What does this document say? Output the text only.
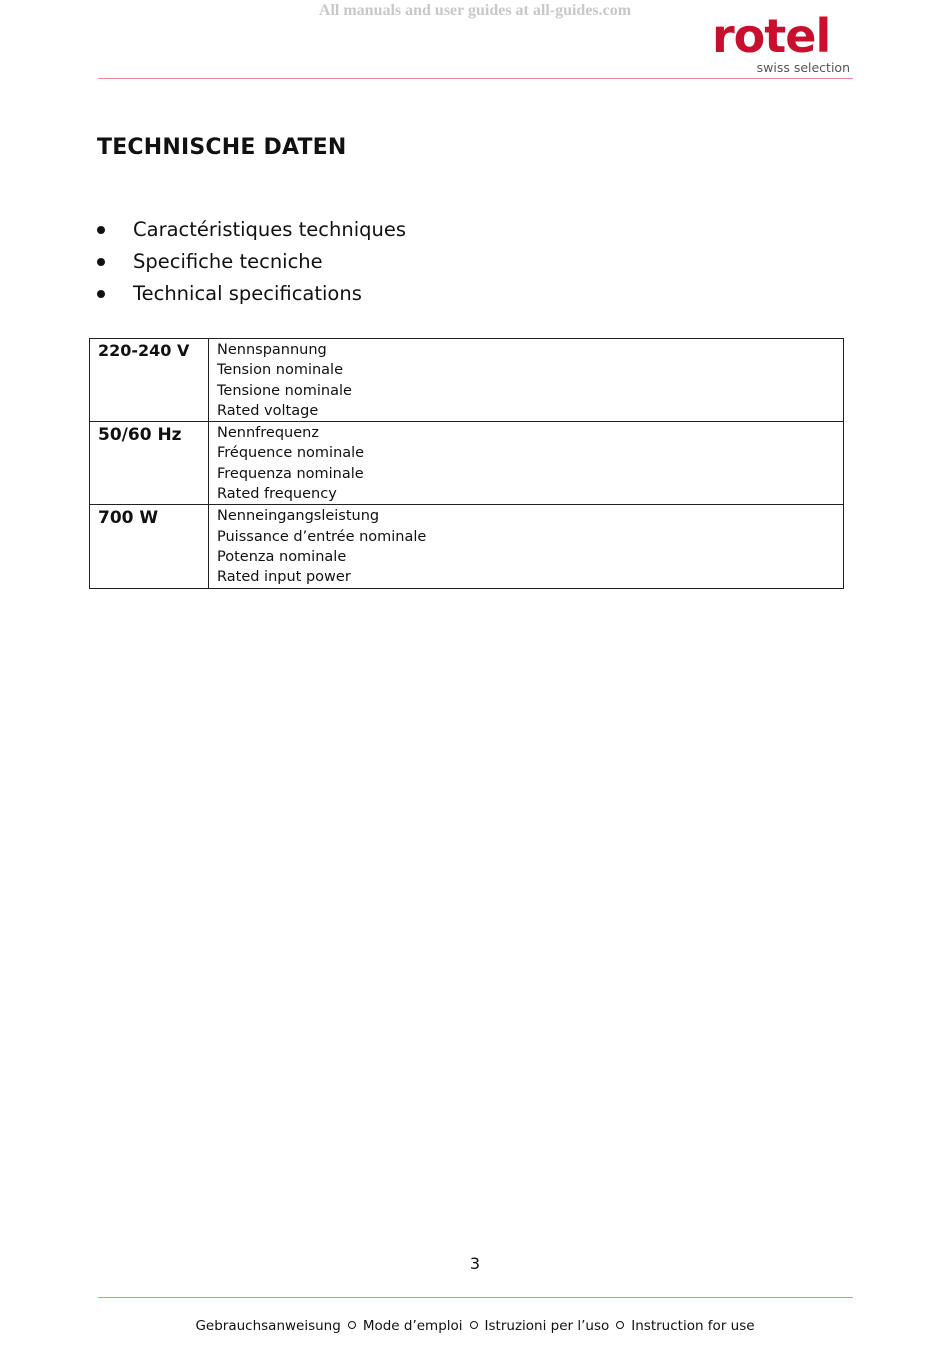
All manuals and user guides at all-guides.com	rotel
swiss selection
TECHNISCHE DATEN
Caractéristiques techniques
Specifiche tecniche
Technical specifications
220-240 V	Nennspannung
Tension nominale
Tensione nominale
Rated voltage

50/60 Hz	Nennfrequenz
Fréquence nominale
Frequenza nominale
Rated frequency

700 W	Nenneingangsleistung
Puissance d’entrée nominale
Potenza nominale
Rated input power
3
Gebrauchsanweisung Mode d’emploi Istruzioni per l’uso Instruction for use
